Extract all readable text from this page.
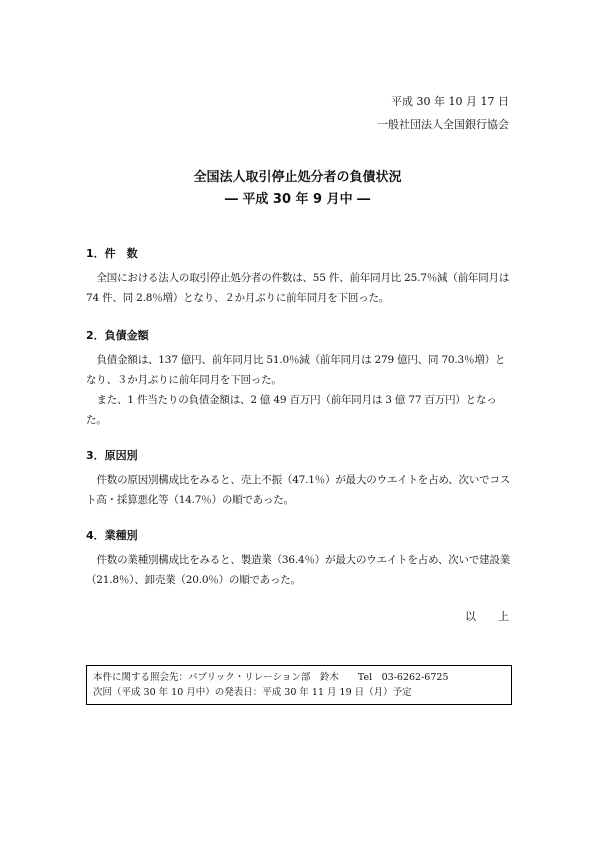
平成 30 年 10 月 17 日
一般社団法人全国銀行協会
全国法人取引停止処分者の負債状況
― 平成 30 年 9 月中 ―

1．件　数

全国における法人の取引停止処分者の件数は、55 件、前年同月比 25.7％減（前年同月は 74 件、同 2.8％増）となり、２か月ぶりに前年同月を下回った。

2．負債金額

負債金額は、137 億円、前年同月比 51.0％減（前年同月は 279 億円、同 70.3％増）となり、３か月ぶりに前年同月を下回った。

また、1 件当たりの負債金額は、2 億 49 百万円（前年同月は 3 億 77 百万円）となった。

3．原因別

件数の原因別構成比をみると、売上不振（47.1％）が最大のウエイトを占め、次いでコスト高・採算悪化等（14.7％）の順であった。

4．業種別

件数の業種別構成比をみると、製造業（36.4％）が最大のウエイトを占め、次いで建設業（21.8％）、卸売業（20.0％）の順であった。

以　　上
本件に関する照会先：パブリック・リレーション部　鈴木　　Tel　03-6262-6725
次回（平成 30 年 10 月中）の発表日：平成 30 年 11 月 19 日（月）予定
